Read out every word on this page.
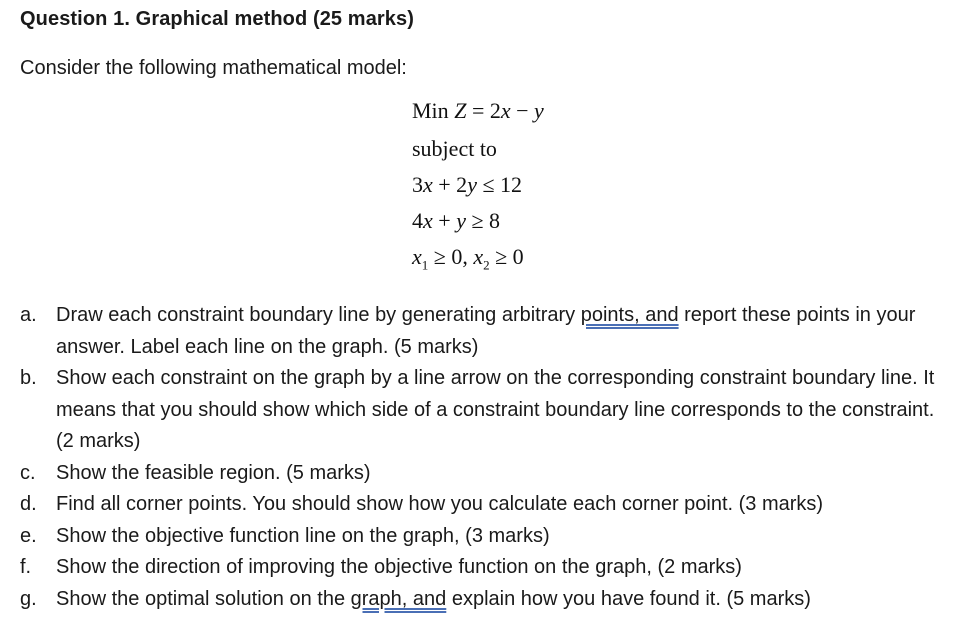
Question 1. Graphical method (25 marks)
Consider the following mathematical model:
Min Z = 2x − y
subject to
3x + 2y ≤ 12
4x + y ≥ 8
$x_1 \ge 0$, $x_2 \ge 0$
a. Draw each constraint boundary line by generating arbitrary points, and report these points in your answer. Label each line on the graph. (5 marks)
b. Show each constraint on the graph by a line arrow on the corresponding constraint boundary line. It means that you should show which side of a constraint boundary line corresponds to the constraint. (2 marks)
c. Show the feasible region. (5 marks)
d. Find all corner points. You should show how you calculate each corner point. (3 marks)
e. Show the objective function line on the graph, (3 marks)
f. Show the direction of improving the objective function on the graph, (2 marks)
g. Show the optimal solution on the graph, and explain how you have found it. (5 marks)
